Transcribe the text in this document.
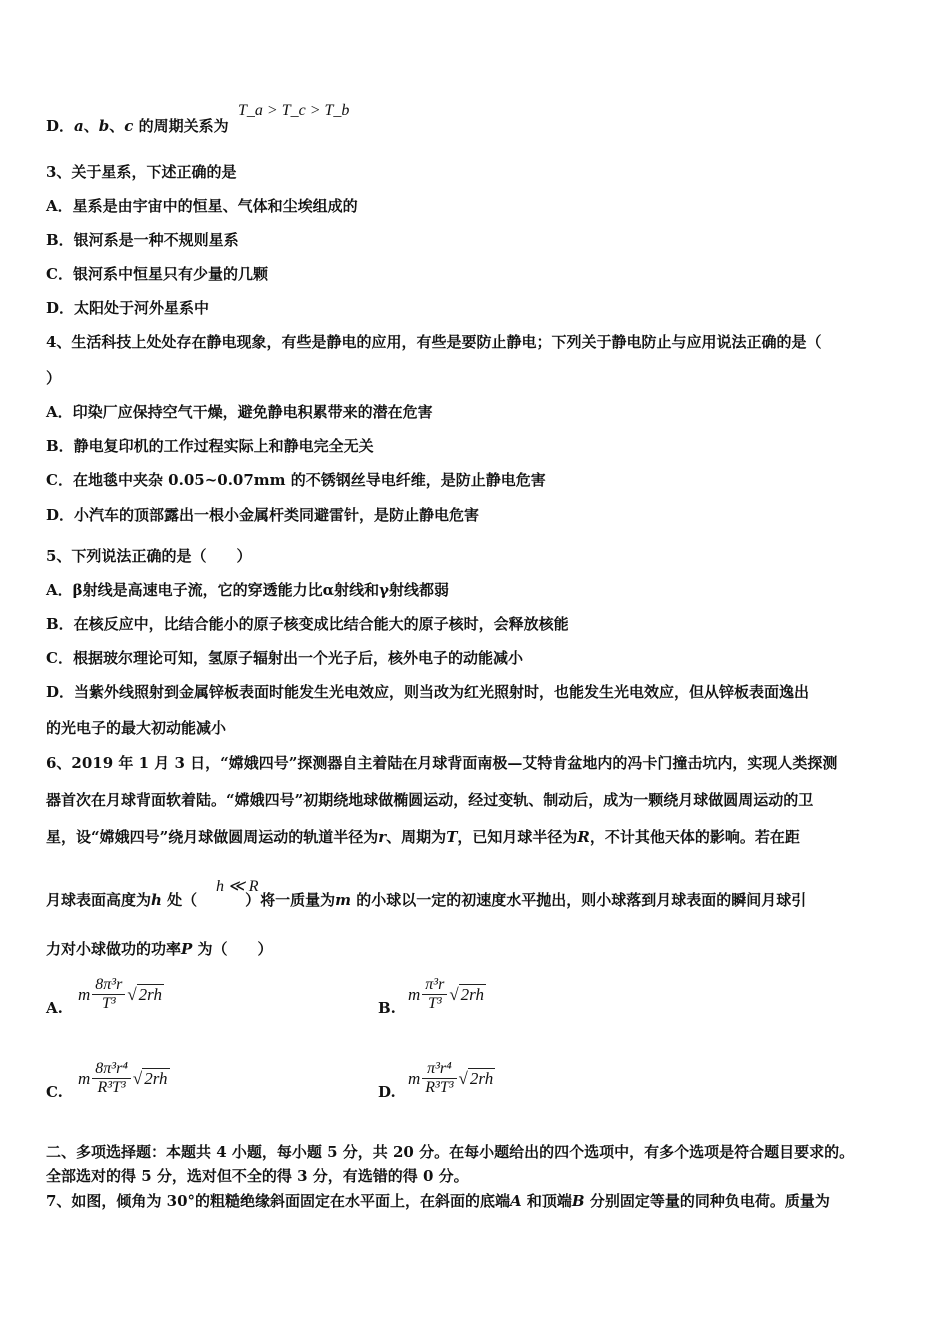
D．a、b、c 的周期关系为
T_a > T_c > T_b
3、关于星系，下述正确的是
A．星系是由宇宙中的恒星、气体和尘埃组成的
B．银河系是一种不规则星系
C．银河系中恒星只有少量的几颗
D．太阳处于河外星系中
4、生活科技上处处存在静电现象，有些是静电的应用，有些是要防止静电；下列关于静电防止与应用说法正确的是（
）
A．印染厂应保持空气干燥，避免静电积累带来的潜在危害
B．静电复印机的工作过程实际上和静电完全无关
C．在地毯中夹杂 0.05~0.07mm 的不锈钢丝导电纤维，是防止静电危害
D．小汽车的顶部露出一根小金属杆类同避雷针，是防止静电危害
5、下列说法正确的是（　　）
A．β射线是高速电子流，它的穿透能力比α射线和γ射线都弱
B．在核反应中，比结合能小的原子核变成比结合能大的原子核时，会释放核能
C．根据玻尔理论可知，氢原子辐射出一个光子后，核外电子的动能减小
D．当紫外线照射到金属锌板表面时能发生光电效应，则当改为红光照射时，也能发生光电效应，但从锌板表面逸出
的光电子的最大初动能减小
6、2019 年 1 月 3 日，“嫦娥四号”探测器自主着陆在月球背面南极—艾特肯盆地内的冯卡门撞击坑内，实现人类探测
器首次在月球背面软着陆。“嫦娥四号”初期绕地球做椭圆运动，经过变轨、制动后，成为一颗绕月球做圆周运动的卫
星，设“嫦娥四号”绕月球做圆周运动的轨道半径为r、周期为T，已知月球半径为R，不计其他天体的影响。若在距
月球表面高度为h 处（	）将一质量为m 的小球以一定的初速度水平抛出，则小球落到月球表面的瞬间月球引
h ≪ R
力对小球做功的功率P 为（　　）
A.
m $\frac{\text{8π³r}}{\text{T³}}$ √ 2rh
B.
m $\frac{\text{π³r}}{\text{T³}}$ √ 2rh
C.
m $\frac{\text{8π³r⁴}}{\text{R³T³}}$ √ 2rh
D.
m $\frac{\text{π³r⁴}}{\text{R³T³}}$ √ 2rh
二、多项选择题：本题共 4 小题，每小题 5 分，共 20 分。在每小题给出的四个选项中，有多个选项是符合题目要求的。
全部选对的得 5 分，选对但不全的得 3 分，有选错的得 0 分。
7、如图，倾角为 30°的粗糙绝缘斜面固定在水平面上，在斜面的底端A 和顶端B 分别固定等量的同种负电荷。质量为
